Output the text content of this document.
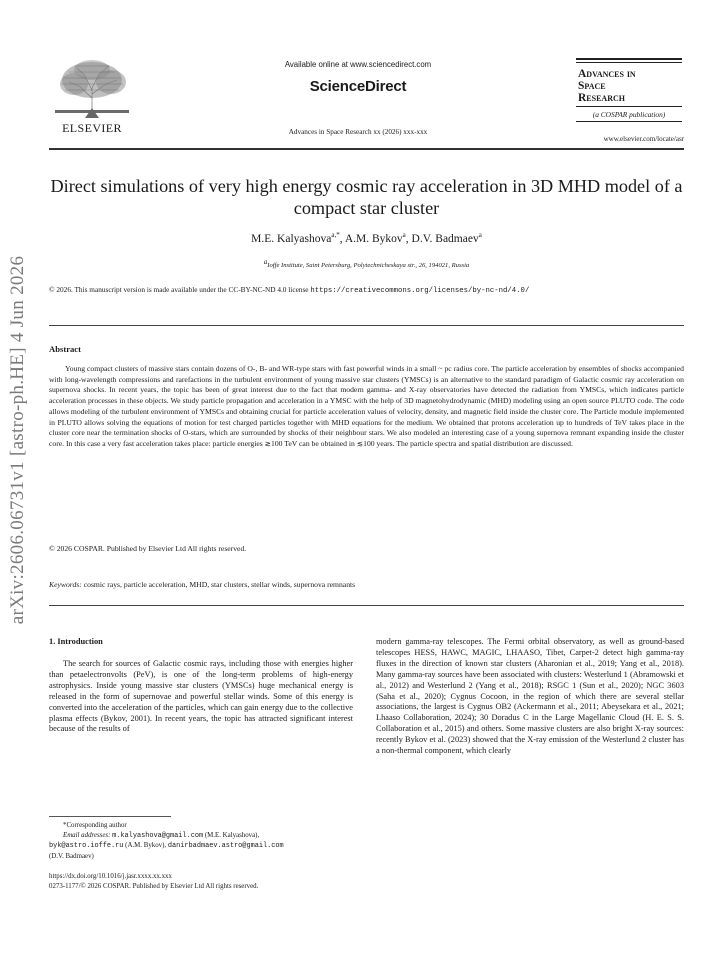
arXiv:2606.06731v1 [astro-ph.HE] 4 Jun 2026
ELSEVIER
Available online at www.sciencedirect.com
ScienceDirect
Advances in Space Research xx (2026) xxx-xxx
Advances in
Space
Research
(a COSPAR publication)
www.elsevier.com/locate/asr
Direct simulations of very high energy cosmic ray acceleration in 3D MHD model of a compact star cluster
M.E. Kalyashova$^{a,*}$, A.M. Bykov$^a$, D.V. Badmaev$^a$
$^a$Ioffe Institute, Saint Petersburg, Polytechnicheskaya str., 26, 194021, Russia
© 2026. This manuscript version is made available under the CC-BY-NC-ND 4.0 license https://creativecommons.org/licenses/by-nc-nd/4.0/
Abstract

Young compact clusters of massive stars contain dozens of O-, B- and WR-type stars with fast powerful winds in a small ~ pc radius core. The particle acceleration by ensembles of shocks accompanied with long-wavelength compressions and rarefactions in the turbulent environment of young massive star clusters (YMSCs) is an alternative to the standard paradigm of Galactic cosmic ray acceleration on supernova shocks. In recent years, the topic has been of great interest due to the fact that modern gamma- and X-ray observatories have detected the radiation from YMSCs, which indicates particle acceleration processes in these objects. We study particle propagation and acceleration in a YMSC with the help of 3D magnetohydrodynamic (MHD) modeling using an open source PLUTO code. The code allows modeling of the turbulent environment of YMSCs and obtaining crucial for particle acceleration values of velocity, density, and magnetic field inside the cluster core. The Particle module implemented in PLUTO allows solving the equations of motion for test charged particles together with MHD equations for the medium. We obtained that protons acceleration up to hundreds of TeV takes place in the cluster core near the termination shocks of O-stars, which are surrounded by shocks of their neighbour stars. We also modeled an interesting case of a young supernova remnant expanding inside the cluster core. In this case a very fast acceleration takes place: particle energies ≳100 TeV can be obtained in ≲100 years. The particle spectra and spatial distribution are discussed.

© 2026 COSPAR. Published by Elsevier Ltd All rights reserved.
Keywords: cosmic rays, particle acceleration, MHD, star clusters, stellar winds, supernova remnants
1. Introduction

The search for sources of Galactic cosmic rays, including those with energies higher than petaelectronvolts (PeV), is one of the long-term problems of high-energy astrophysics. Inside young massive star clusters (YMSCs) huge mechanical energy is released in the form of supernovae and powerful stellar winds. Some of this energy is converted into the acceleration of the particles, which can gain energy due to the collective plasma effects (Bykov, 2001). In recent years, the topic has attracted significant interest because of the results of

modern gamma-ray telescopes. The Fermi orbital observatory, as well as ground-based telescopes HESS, HAWC, MAGIC, LHAASO, Tibet, Carpet-2 detect high gamma-ray fluxes in the direction of known star clusters (Aharonian et al., 2019; Yang et al., 2018). Many gamma-ray sources have been associated with clusters: Westerlund 1 (Abramowski et al., 2012) and Westerlund 2 (Yang et al., 2018); RSGC 1 (Sun et al., 2020); NGC 3603 (Saha et al., 2020); Cygnus Cocoon, in the region of which there are several stellar associations, the largest is Cygnus OB2 (Ackermann et al., 2011; Abeysekara et al., 2021; Lhaaso Collaboration, 2024); 30 Doradus C in the Large Magellanic Cloud (H. E. S. S. Collaboration et al., 2015) and others. Some massive clusters are also bright X-ray sources: recently Bykov et al. (2023) showed that the X-ray emission of the Westerlund 2 cluster has a non-thermal component, which clearly

*Corresponding author
Email addresses: m.kalyashova@gmail.com (M.E. Kalyashova),
byk@astro.ioffe.ru (A.M. Bykov), danirbadmaev.astro@gmail.com
(D.V. Badmaev)
https://dx.doi.org/10.1016/j.jasr.xxxx.xx.xxx
0273-1177/© 2026 COSPAR. Published by Elsevier Ltd All rights reserved.
